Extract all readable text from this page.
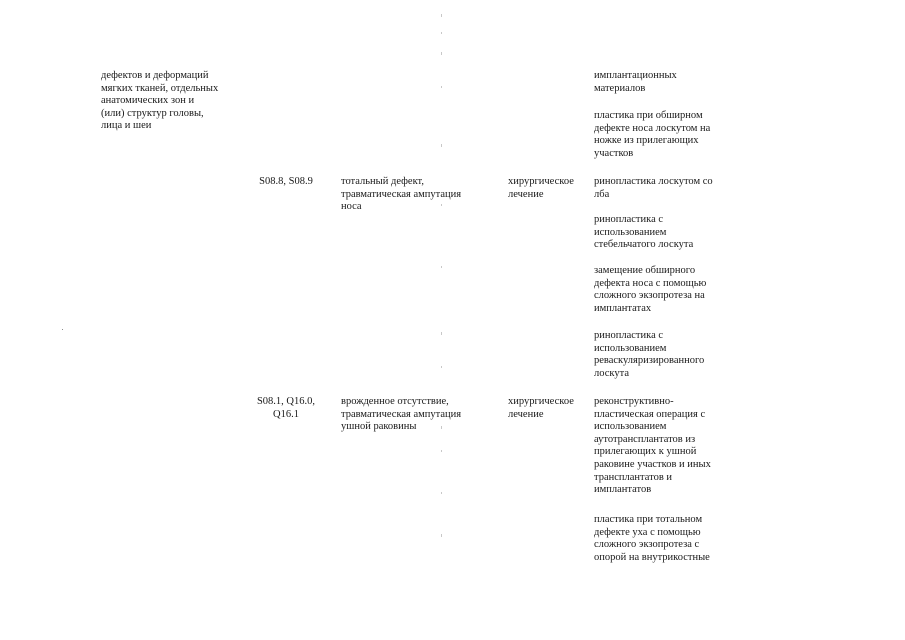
дефектов и деформаций
мягких тканей, отдельных
анатомических зон и
(или) структур головы,
лица и шеи
имплантационных
материалов
пластика при обширном
дефекте носа лоскутом на
ножке из прилегающих
участков
S08.8, S08.9	тотальный дефект,
травматическая ампутация
носа
хирургическое
лечение
ринопластика лоскутом со
лба
ринопластика с
использованием
стебельчатого лоскута
замещение обширного
дефекта носа с помощью
сложного экзопротеза на
имплантатах
ринопластика с
использованием
реваскуляризированного
лоскута
S08.1, Q16.0,
Q16.1
врожденное отсутствие,
травматическая ампутация
ушной раковины
хирургическое
лечение
реконструктивно-
пластическая операция с
использованием
аутотрансплантатов из
прилегающих к ушной
раковине участков и иных
трансплантатов и
имплантатов
пластика при тотальном
дефекте уха с помощью
сложного экзопротеза с
опорой на внутрикостные
